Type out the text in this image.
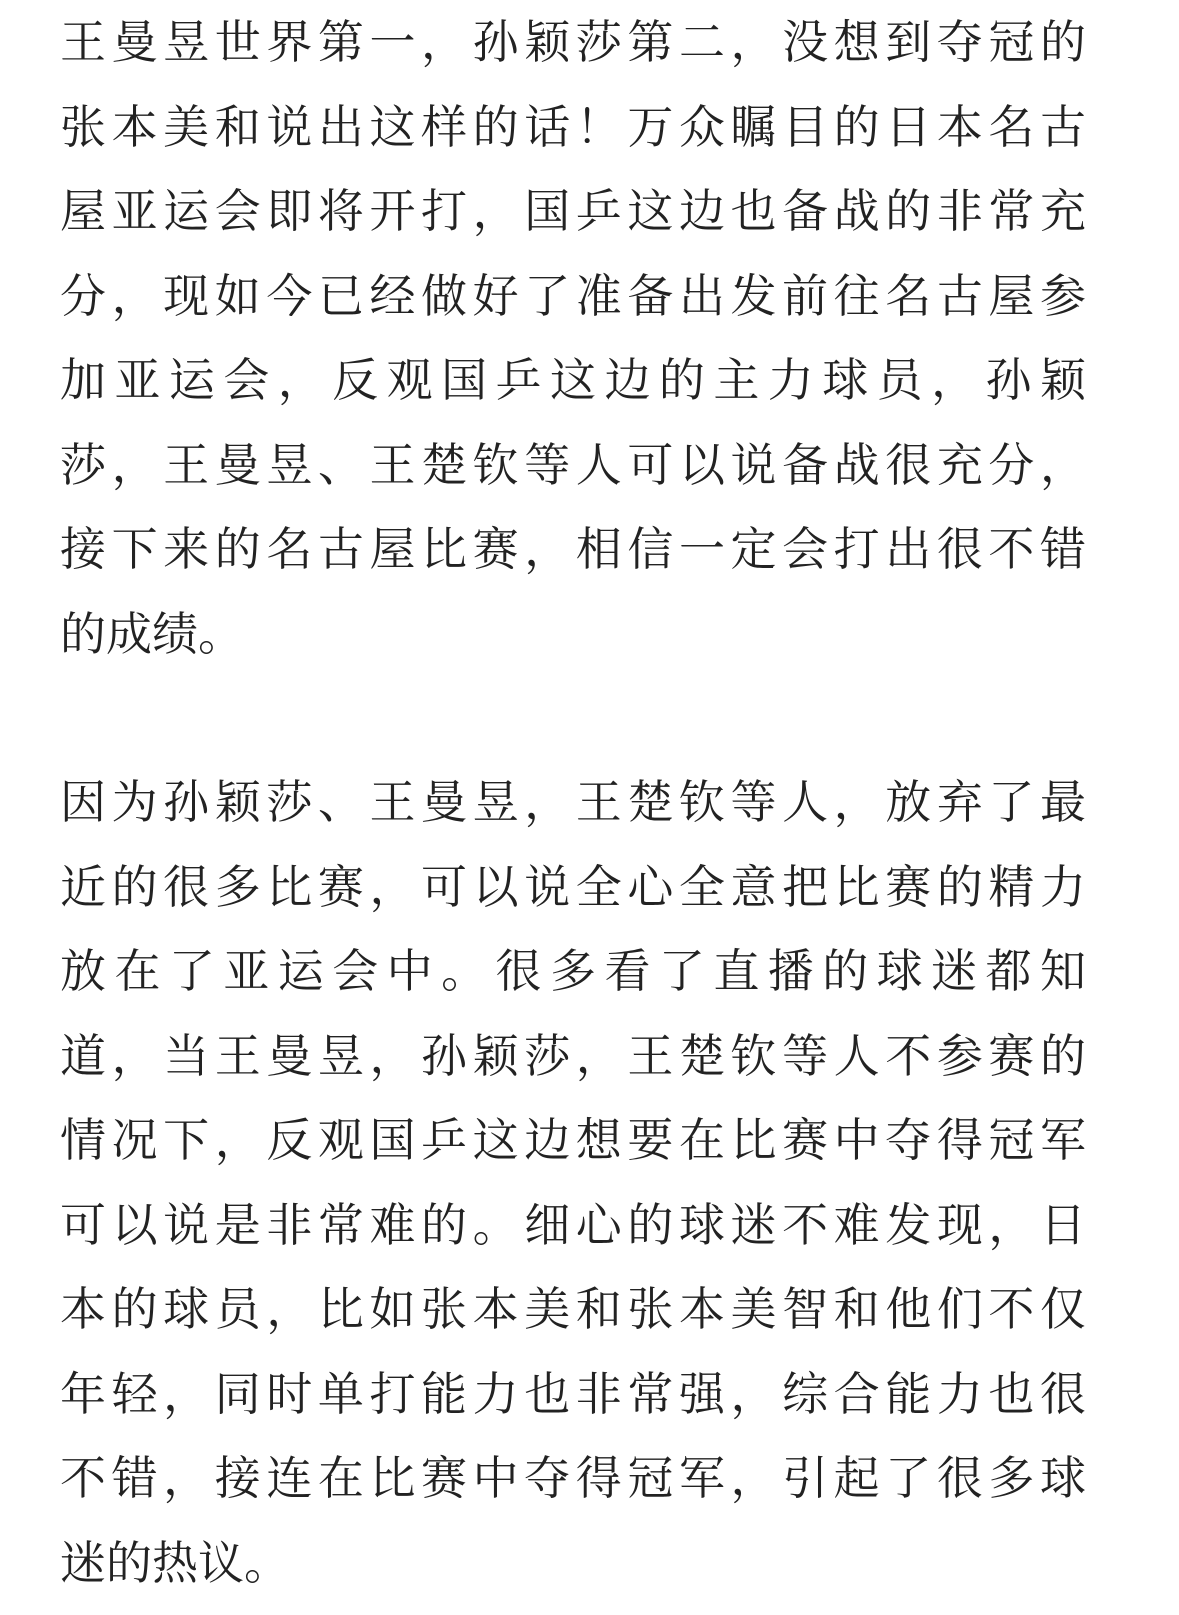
王曼昱世界第一，孙颖莎第二，没想到夺冠的
张本美和说出这样的话！万众瞩目的日本名古
屋亚运会即将开打，国乒这边也备战的非常充
分，现如今已经做好了准备出发前往名古屋参
加亚运会，反观国乒这边的主力球员，孙颖
莎，王曼昱、王楚钦等人可以说备战很充分，
接下来的名古屋比赛，相信一定会打出很不错
的成绩。
因为孙颖莎、王曼昱，王楚钦等人，放弃了最
近的很多比赛，可以说全心全意把比赛的精力
放在了亚运会中。很多看了直播的球迷都知
道，当王曼昱，孙颖莎，王楚钦等人不参赛的
情况下，反观国乒这边想要在比赛中夺得冠军
可以说是非常难的。细心的球迷不难发现，日
本的球员，比如张本美和张本美智和他们不仅
年轻，同时单打能力也非常强，综合能力也很
不错，接连在比赛中夺得冠军，引起了很多球
迷的热议。
